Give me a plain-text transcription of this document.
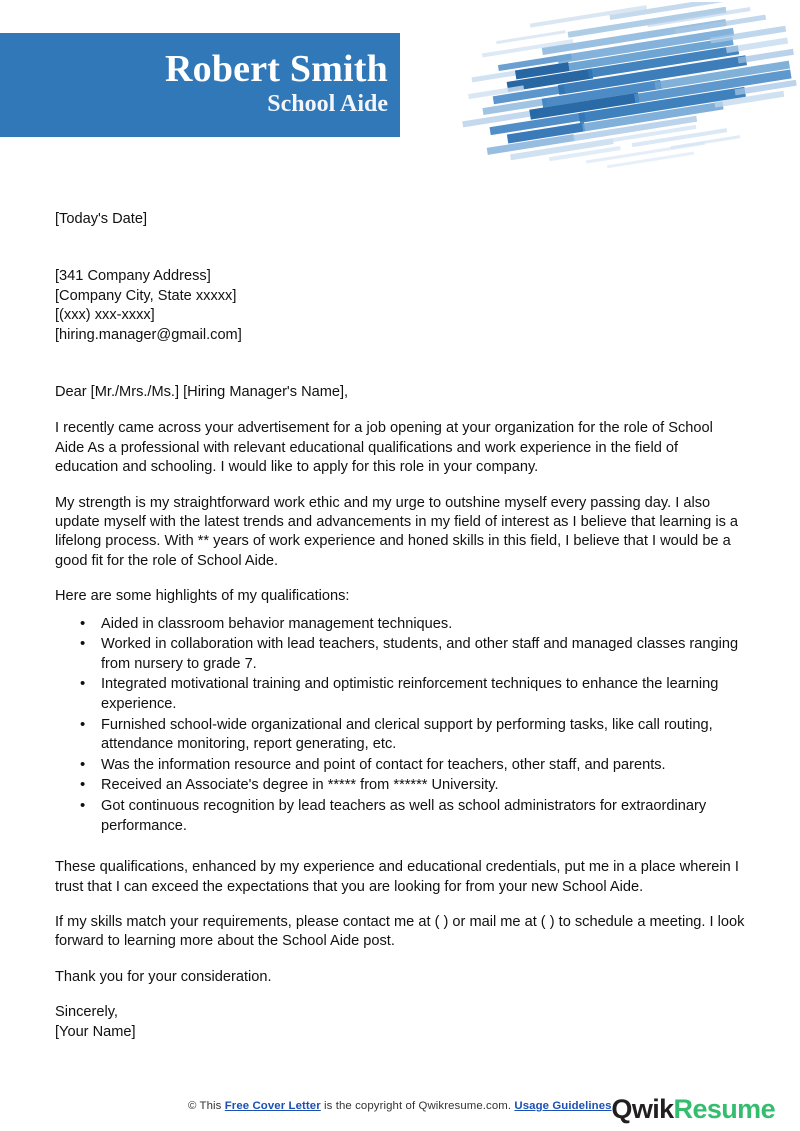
Robert Smith
School Aide
[Today's Date]
[341 Company Address]
[Company City, State xxxxx]
[(xxx) xxx-xxxx]
[hiring.manager@gmail.com]
Dear [Mr./Mrs./Ms.] [Hiring Manager's Name],

I recently came across your advertisement for a job opening at your organization for the role of School Aide As a professional with relevant educational qualifications and work experience in the field of education and schooling. I would like to apply for this role in your company.

My strength is my straightforward work ethic and my urge to outshine myself every passing day. I also update myself with the latest trends and advancements in my field of interest as I believe that learning is a lifelong process. With ** years of work experience and honed skills in this field, I believe that I would be a good fit for the role of School Aide.

Here are some highlights of my qualifications:

• Aided in classroom behavior management techniques.
• Worked in collaboration with lead teachers, students, and other staff and managed classes ranging from nursery to grade 7.
• Integrated motivational training and optimistic reinforcement techniques to enhance the learning experience.
• Furnished school-wide organizational and clerical support by performing tasks, like call routing, attendance monitoring, report generating, etc.
• Was the information resource and point of contact for teachers, other staff, and parents.
• Received an Associate's degree in ***** from ****** University.
• Got continuous recognition by lead teachers as well as school administrators for extraordinary performance.

These qualifications, enhanced by my experience and educational credentials, put me in a place wherein I trust that I can exceed the expectations that you are looking for from your new School Aide.

If my skills match your requirements, please contact me at ( ) or mail me at ( ) to schedule a meeting. I look forward to learning more about the School Aide post.

Thank you for your consideration.

Sincerely,
[Your Name]
© This Free Cover Letter is the copyright of Qwikresume.com. Usage Guidelines QwikResume
